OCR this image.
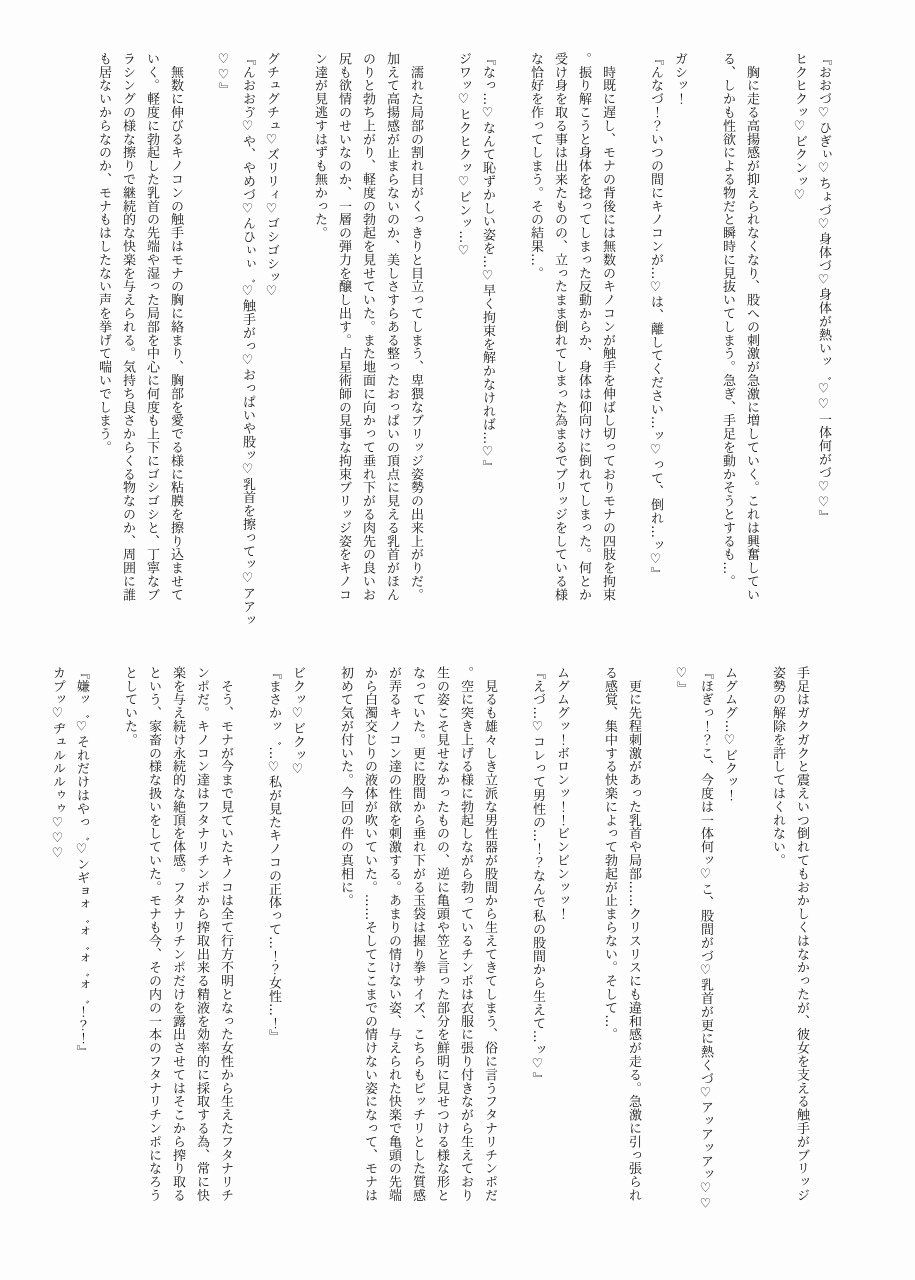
『おおづ♡ひぎぃ♡ちょづ♡身体づ♡身体が熱いッ゛♡♡一体何がづ♡♡』

ヒクヒクッ♡ビクンッ♡

　胸に走る高揚感が抑えられなくなり、股への刺激が急激に増していく。これは興奮してい

る、しかも性欲による物だと瞬時に見抜いてしまう。急ぎ、手足を動かそうとするも…。

ガシッ！

『んなづ！？いつの間にキノコンが…♡は、離してください…ッ♡って、倒れ…ッ♡』

　時既に遅し、モナの背後には無数のキノコンが触手を伸ばし切っておりモナの四肢を拘束

。振り解こうと身体を捻ってしまった反動からか、身体は仰向けに倒れてしまった。何とか

受け身を取る事は出来たものの、立ったまま倒れてしまった為まるでブリッジをしている様

な恰好を作ってしまう。その結果…。

『なっ…♡なんて恥ずかしい姿を…♡早く拘束を解かなければ…♡』

ジワッ♡ヒクヒクッ♡ビンッ…♡

　濡れた局部の割れ目がくっきりと目立ってしまう、卑猥なブリッジ姿勢の出来上がりだ。

加えて高揚感が止まらないのか、美しさすらある整ったおっぱいの頂点に見える乳首がほん

のりと勃ち上がり、軽度の勃起を見せていた。また地面に向かって垂れ下がる肉先の良いお

尻も欲情のせいなのか、一層の弾力を醸し出す。占星術師の見事な拘束ブリッジ姿をキノコ

ン達が見逃すはずも無かった。

グチュグチュ♡ズリリィ♡ゴシゴシッ♡

『んおおゔ♡や、やめづ♡んひぃぃ゛♡触手がっ♡おっぱいや股ッ♡乳首を擦ってッ♡アアッ

♡♡』

　無数に伸びるキノコンの触手はモナの胸に絡まり、胸部を愛でる様に粘膜を擦り込ませて

いく。軽度に勃起した乳首の先端や湿った局部を中心に何度も上下にゴシゴシと、丁寧なブ

ラシングの様な擦りで継続的な快楽を与えられる。気持ち良さからくる物なのか、周囲に誰

も居ないからなのか、モナもはしたない声を挙げて喘いでしまう。

手足はガクガクと震えいつ倒れてもおかしくはなかったが、彼女を支える触手がブリッジ

姿勢の解除を許してはくれない。

ムグムグ…♡ビクッ！

『ほぎっ！？こ、今度は一体何ッ♡こ、股間がづ♡乳首が更に熱くづ♡アッアッアッ♡♡

♡』

　更に先程刺激があった乳首や局部……クリスリスにも違和感が走る。急激に引っ張られ

る感覚、集中する快楽によって勃起が止まらない。そして…。

ムグムグッ！ボロンッ！！ビンビンッッ！

『えづ…♡コレって男性の…！？なんで私の股間から生えて…ッ♡』

　見るも雄々しき立派な男性器が股間から生えてきてしまう、俗に言うフタナリチンポだ

。空に突き上げる様に勃起しながら勃っているチンポは衣服に張り付きながら生えており

生の姿こそ見せなかったものの、逆に亀頭や笠と言った部分を鮮明に見せつける様な形と

なっていた。更に股間から垂れ下がる玉袋は握り拳サイズ、こちらもピッチリとした質感

が弄るキノコン達の性欲を刺激する。あまりの情けない姿、与えられた快楽で亀頭の先端

から白濁交じりの液体が吹いていた。……そしてここまでの情けない姿になって、モナは

初めて気が付いた。今回の件の真相に。

ビクッ♡ビクッ♡

『まさかッ゛…♡私が見たキノコの正体って…！？女性…！』

　そう、モナが今まで見ていたキノコは全て行方不明となった女性から生えたフタナリチ

ンポだ。キノコン達はフタナリチンポから搾取出来る精液を効率的に採取する為、常に快

楽を与え続け永続的な絶頂を体感。フタナリチンポだけを露出させてはそこから搾り取る

という、家畜の様な扱いをしていた。モナも今、その内の一本のフタナリチンポになろう

としていた。

『嫌ッ゛♡それだけはやっ゛♡ンギョォ゛ォ゛ォ゛ォ゛！？！』

カプッ♡ヂュルルルゥゥ♡♡♡
